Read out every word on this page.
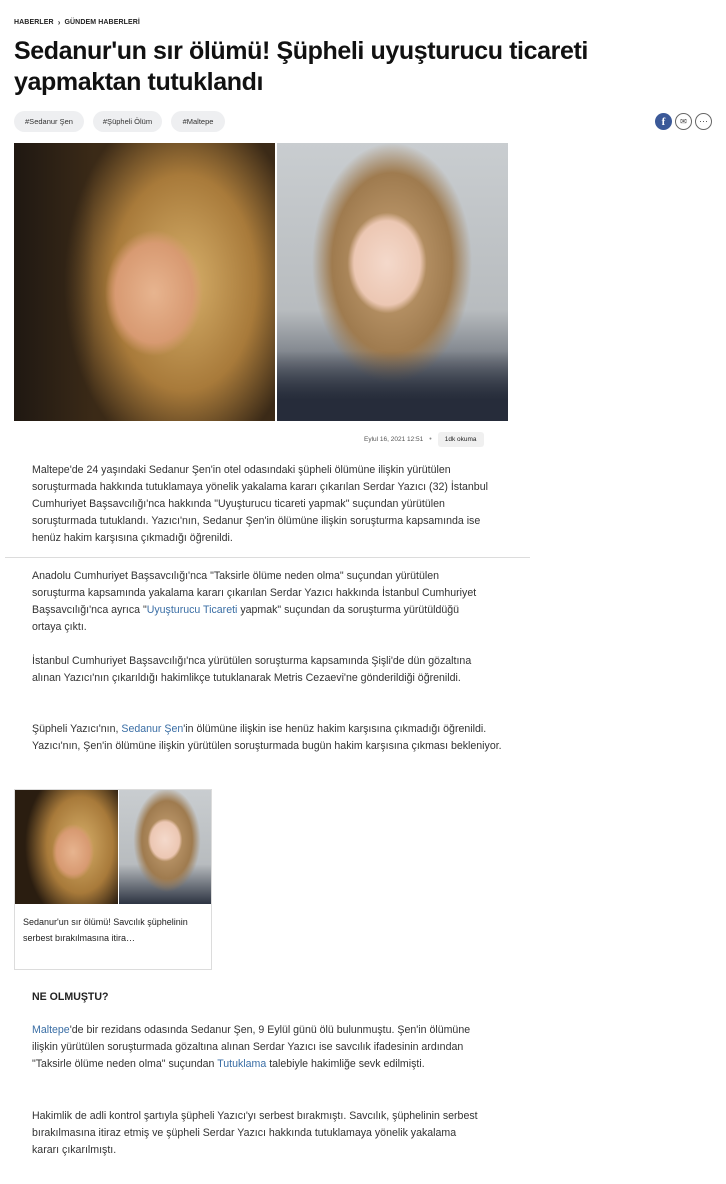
HABERLER › GÜNDEM HABERLERİ
Sedanur'un sır ölümü! Şüpheli uyuşturucu ticareti yapmaktan tutuklandı
#Sedanur Şen	#Şüpheli Ölüm	#Maltepe	f	✉	···
Eylul 16, 2021 12:51 •	1dk okuma

Maltepe'de 24 yaşındaki Sedanur Şen'in otel odasındaki şüpheli ölümüne ilişkin yürütülen soruşturmada hakkında tutuklamaya yönelik yakalama kararı çıkarılan Serdar Yazıcı (32) İstanbul Cumhuriyet Başsavcılığı'nca hakkında "Uyuşturucu ticareti yapmak" suçundan yürütülen soruşturmada tutuklandı. Yazıcı'nın, Sedanur Şen'in ölümüne ilişkin soruşturma kapsamında ise henüz hakim karşısına çıkmadığı öğrenildi.

Anadolu Cumhuriyet Başsavcılığı'nca "Taksirle ölüme neden olma" suçundan yürütülen soruşturma kapsamında yakalama kararı çıkarılan Serdar Yazıcı hakkında İstanbul Cumhuriyet Başsavcılığı'nca ayrıca "Uyuşturucu Ticareti yapmak" suçundan da soruşturma yürütüldüğü ortaya çıktı.

İstanbul Cumhuriyet Başsavcılığı'nca yürütülen soruşturma kapsamında Şişli'de dün gözaltına alınan Yazıcı'nın çıkarıldığı hakimlikçe tutuklanarak Metris Cezaevi'ne gönderildiği öğrenildi.

Şüpheli Yazıcı'nın, Sedanur Şen'in ölümüne ilişkin ise henüz hakim karşısına çıkmadığı öğrenildi. Yazıcı'nın, Şen'in ölümüne ilişkin yürütülen soruşturmada bugün hakim karşısına çıkması bekleniyor.

Sedanur'un sır ölümü! Savcılık şüphelinin serbest bırakılmasına itira…

NE OLMUŞTU?

Maltepe'de bir rezidans odasında Sedanur Şen, 9 Eylül günü ölü bulunmuştu. Şen'in ölümüne ilişkin yürütülen soruşturmada gözaltına alınan Serdar Yazıcı ise savcılık ifadesinin ardından "Taksirle ölüme neden olma" suçundan Tutuklama talebiyle hakimliğe sevk edilmişti.

Hakimlik de adli kontrol şartıyla şüpheli Yazıcı'yı serbest bırakmıştı. Savcılık, şüphelinin serbest bırakılmasına itiraz etmiş ve şüpheli Serdar Yazıcı hakkında tutuklamaya yönelik yakalama kararı çıkarılmıştı.
